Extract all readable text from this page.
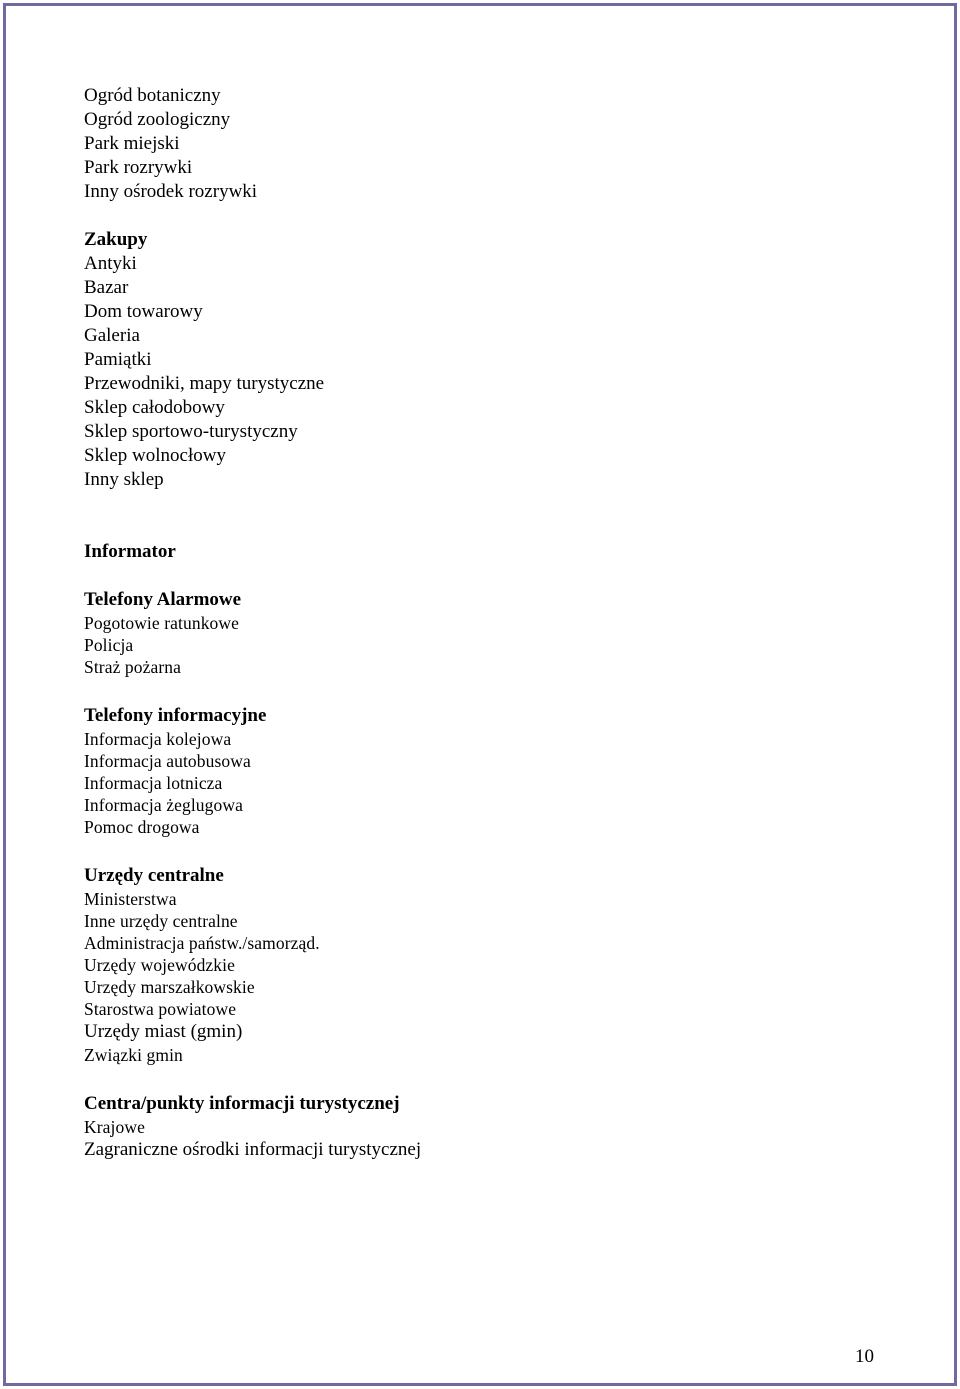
Ogród botaniczny
Ogród zoologiczny
Park miejski
Park rozrywki
Inny ośrodek rozrywki
Zakupy
Antyki
Bazar
Dom towarowy
Galeria
Pamiątki
Przewodniki, mapy turystyczne
Sklep całodobowy
Sklep sportowo-turystyczny
Sklep wolnocłowy
Inny sklep
Informator
Telefony Alarmowe
Pogotowie ratunkowe
Policja
Straż pożarna
Telefony informacyjne
Informacja kolejowa
Informacja autobusowa
Informacja lotnicza
Informacja żeglugowa
Pomoc drogowa
Urzędy centralne
Ministerstwa
Inne urzędy centralne
Administracja państw./samorząd.
Urzędy wojewódzkie
Urzędy marszałkowskie
Starostwa powiatowe
Urzędy miast (gmin)
Związki gmin
Centra/punkty informacji turystycznej
Krajowe
Zagraniczne ośrodki informacji turystycznej
10
